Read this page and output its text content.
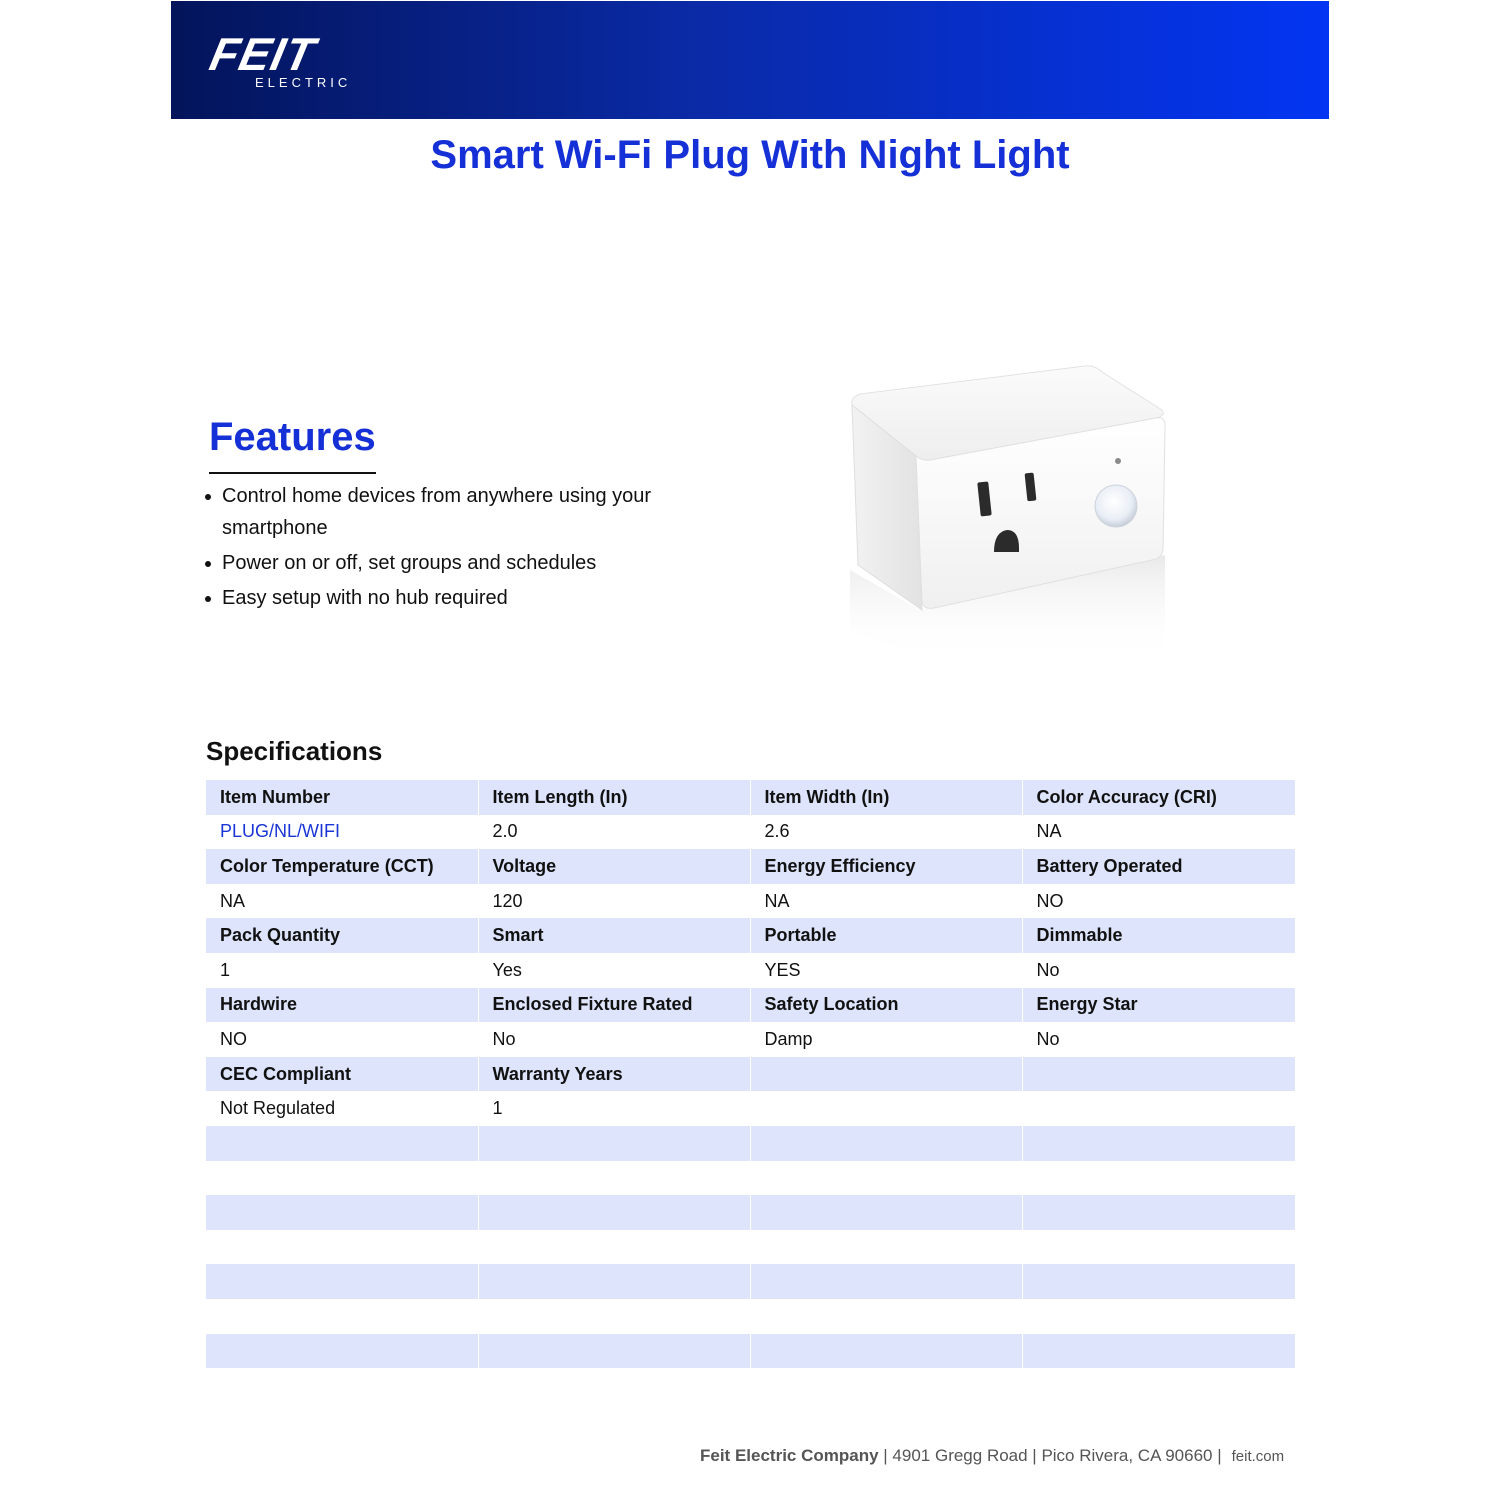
FEIT
ELECTRIC
Smart Wi-Fi Plug With Night Light
Features
Control home devices from anywhere using your smartphone
Power on or off, set groups and schedules
Easy setup with no hub required
Specifications
Item Number	Item Length (In)	Item Width (In)	Color Accuracy (CRI)
PLUG/NL/WIFI	2.0	2.6	NA
Color Temperature (CCT)	Voltage	Energy Efficiency	Battery Operated
NA	120	NA	NO
Pack Quantity	Smart	Portable	Dimmable
1	Yes	YES	No
Hardwire	Enclosed Fixture Rated	Safety Location	Energy Star
NO	No	Damp	No
CEC Compliant	Warranty Years		
Not Regulated	1		

Feit Electric Company | 4901 Gregg Road | Pico Rivera, CA 90660 | feit.com
